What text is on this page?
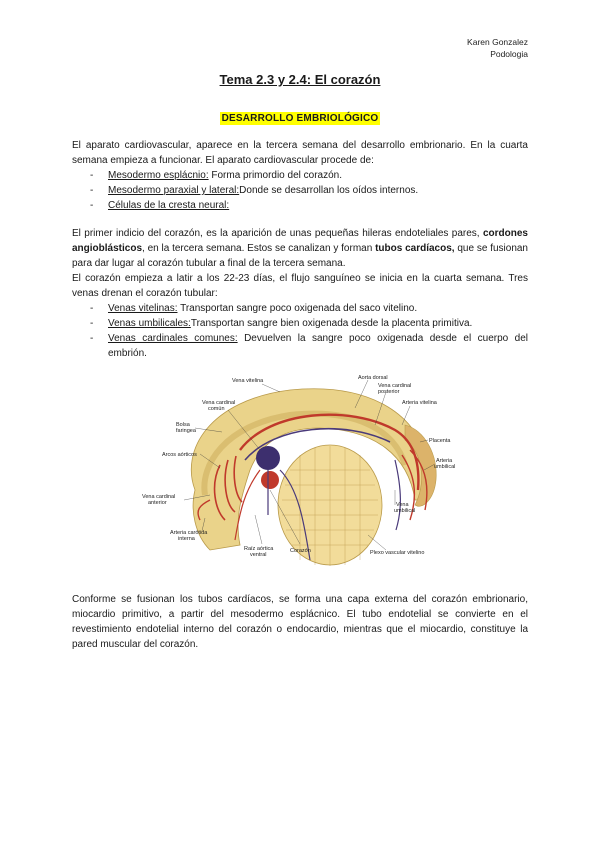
Karen Gonzalez
Podologia
Tema 2.3 y 2.4: El corazón
DESARROLLO EMBRIOLÓGICO

El aparato cardiovascular, aparece en la tercera semana del desarrollo embrionario. En la cuarta semana empieza a funcionar. El aparato cardiovascular procede de:

- Mesodermo esplácnio: Forma primordio del corazón.
- Mesodermo paraxial y lateral:Donde se desarrollan los oídos internos.
- Células de la cresta neural:

El primer indicio del corazón, es la aparición de unas pequeñas hileras endoteliales pares, cordones angioblásticos, en la tercera semana. Estos se canalizan y forman tubos cardíacos, que se fusionan para dar lugar al corazón tubular a final de la tercera semana.

El corazón empieza a latir a los 22-23 días, el flujo sanguíneo se inicia en la cuarta semana. Tres venas drenan el corazón tubular:

- Venas vitelinas: Transportan sangre poco oxigenada del saco vitelino.
- Venas umbilicales:Transportan sangre bien oxigenada desde la placenta primitiva.
- Venas cardinales comunes: Devuelven la sangre poco oxigenada desde el cuerpo del embrión.
Vena vitelina	Aorta dorsal
Vena cardinal
posterior
Arteria vitelina
Vena cardinal
común
Bolsa
faringea
Placenta
Arcos aórticos
Arteria
umbilical
Vena cardinal
anterior	Vena
umbilical
Arteria carótida
interna
Raíz aórtica
ventral
Corazón	Plexo vascular vitelino

Conforme se fusionan los tubos cardíacos, se forma una capa externa del corazón embrionario, miocardio primitivo, a partir del mesodermo esplácnico. El tubo endotelial se convierte en el revestimiento endotelial interno del corazón o endocardio, mientras que el miocardio, constituye la pared muscular del corazón.
